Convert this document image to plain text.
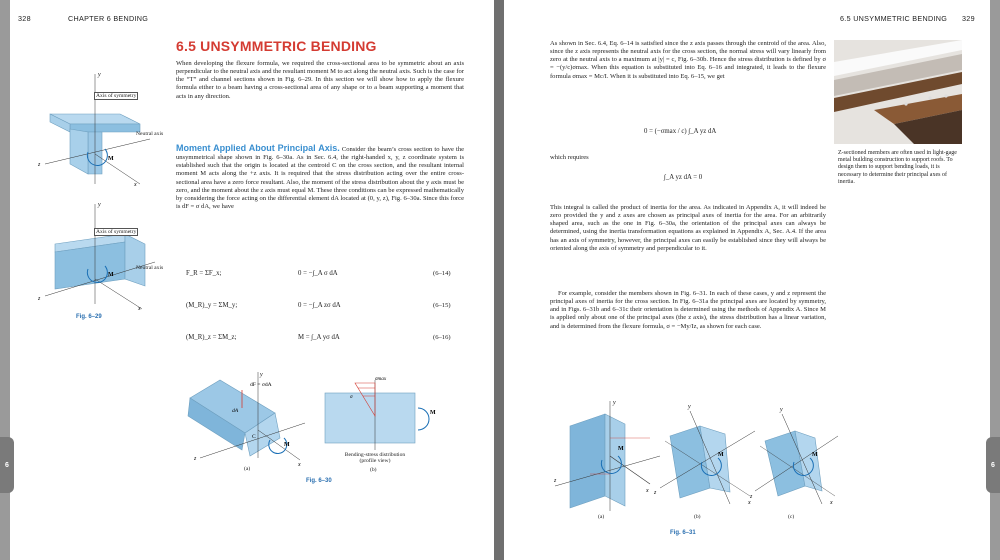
328	CHAPTER 6 BENDING
6.5 UNSYMMETRIC BENDING

When developing the flexure formula, we required the cross-sectional area to be symmetric about an axis perpendicular to the neutral axis and the resultant moment M to act along the neutral axis. Such is the case for the “T” and channel sections shown in Fig. 6–29. In this section we will show how to apply the flexure formula either to a beam having a cross-sectional area of any shape or to a beam supporting a moment that acts in any direction.

Moment Applied About Principal Axis. Consider the beam’s cross section to have the unsymmetrical shape shown in Fig. 6–30a. As in Sec. 6.4, the right-handed x, y, z coordinate system is established such that the origin is located at the centroid C on the cross section, and the resultant internal moment M acts along the +z axis. It is required that the stress distribution acting over the entire cross-sectional area have a zero force resultant. Also, the moment of the stress distribution about the y axis must be zero, and the moment about the z axis must equal M. These three conditions can be expressed mathematically by considering the force acting on the differential element dA located at (0, y, z), Fig. 6–30a. Since this force is dF = σ dA, we have
F_R = ΣF_x;	0 = −∫_A σ dA	(6–14)
(M_R)_y = ΣM_y;	0 = −∫_A zσ dA	(6–15)
(M_R)_z = ΣM_z;	M = ∫_A yσ dA	(6–16)
y
z
x
M
y
z
x
M
Axis of symmetry
Neutral axis
Axis of symmetry
Neutral axis
Fig. 6–29
y
z
x
dF = σdA
dA
C
M
σmax
σ
M
Bending-stress distribution
(profile view)
(a)	(b)
Fig. 6–30
6
6.5 UNSYMMETRIC BENDING 329

As shown in Sec. 6.4, Eq. 6–14 is satisfied since the z axis passes through the centroid of the area. Also, since the z axis represents the neutral axis for the cross section, the normal stress will vary linearly from zero at the neutral axis to a maximum at |y| = c, Fig. 6–30b. Hence the stress distribution is defined by σ = −(y/c)σmax. When this equation is substituted into Eq. 6–16 and integrated, it leads to the flexure formula σmax = Mc/I. When it is substituted into Eq. 6–15, we get

0 = (−σmax / c) ∫_A yz dA
which requires
∫_A yz dA = 0

This integral is called the product of inertia for the area. As indicated in Appendix A, it will indeed be zero provided the y and z axes are chosen as principal axes of inertia for the area. For an arbitrarily shaped area, such as the one in Fig. 6–30a, the orientation of the principal axes can always be determined, using the inertia transformation equations as explained in Appendix A, Sec. A.4. If the area has an axis of symmetry, however, the principal axes can easily be established since they will always be oriented along the axis of symmetry and perpendicular to it.

For example, consider the members shown in Fig. 6–31. In each of these cases, y and z represent the principal axes of inertia for the cross section. In Fig. 6–31a the principal axes are located by symmetry, and in Figs. 6–31b and 6–31c their orientation is determined using the methods of Appendix A. Since M is applied only about one of the principal axes (the z axis), the stress distribution has a linear variation, and is determined from the flexure formula, σ = −My/Iz, as shown for each case.

Z-sectioned members are often used in light-gage metal building construction to support roofs. To design them to support bending loads, it is necessary to determine their principal axes of inertia.

y
z
x
M
y
z
x
M
y
z
x
M
(a)	(b)	(c)
Fig. 6–31
6
